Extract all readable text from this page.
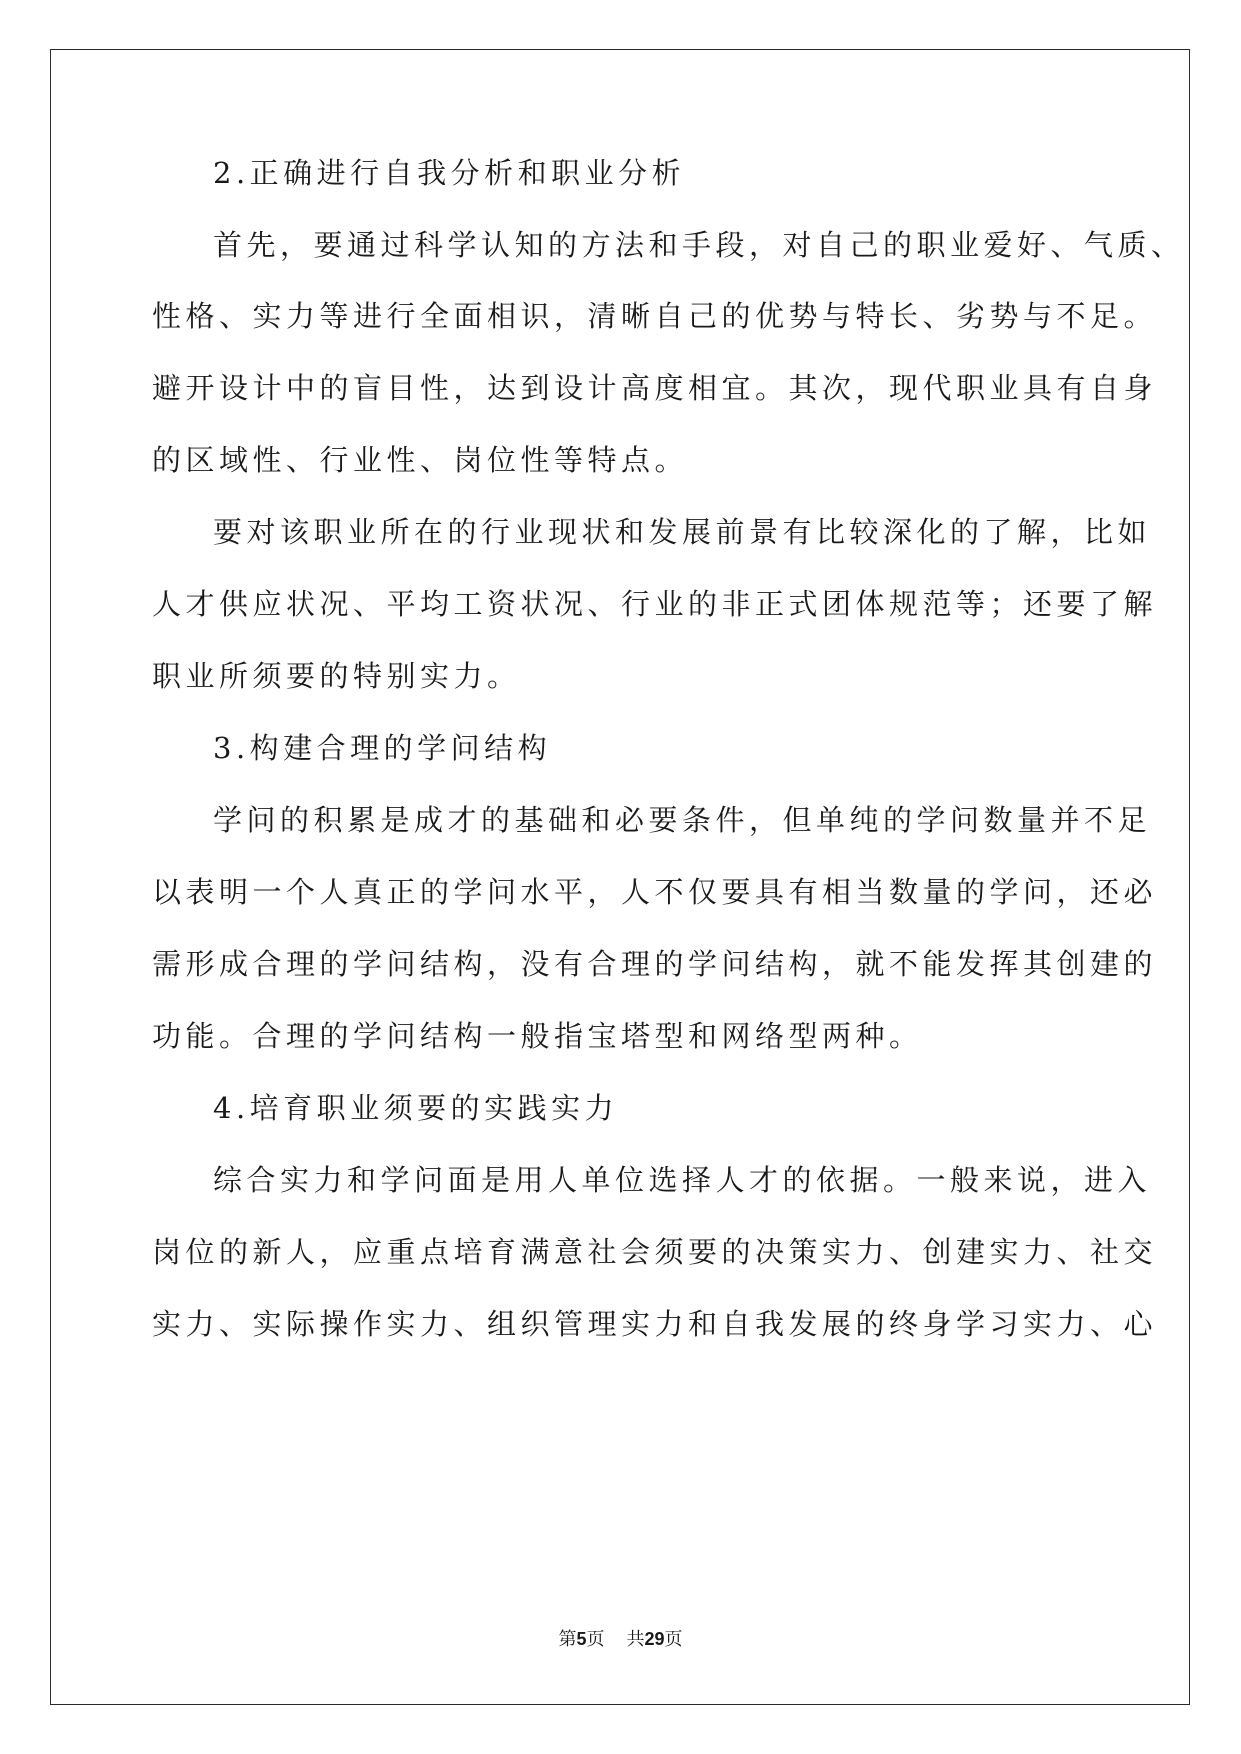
2.正确进行自我分析和职业分析
首先，要通过科学认知的方法和手段，对自己的职业爱好、气质、
性格、实力等进行全面相识，清晰自己的优势与特长、劣势与不足。
避开设计中的盲目性，达到设计高度相宜。其次，现代职业具有自身
的区域性、行业性、岗位性等特点。
要对该职业所在的行业现状和发展前景有比较深化的了解，比如
人才供应状况、平均工资状况、行业的非正式团体规范等；还要了解
职业所须要的特别实力。
3.构建合理的学问结构
学问的积累是成才的基础和必要条件，但单纯的学问数量并不足
以表明一个人真正的学问水平，人不仅要具有相当数量的学问，还必
需形成合理的学问结构，没有合理的学问结构，就不能发挥其创建的
功能。合理的学问结构一般指宝塔型和网络型两种。
4.培育职业须要的实践实力
综合实力和学问面是用人单位选择人才的依据。一般来说，进入
岗位的新人，应重点培育满意社会须要的决策实力、创建实力、社交
实力、实际操作实力、组织管理实力和自我发展的终身学习实力、心
第5页 共29页
